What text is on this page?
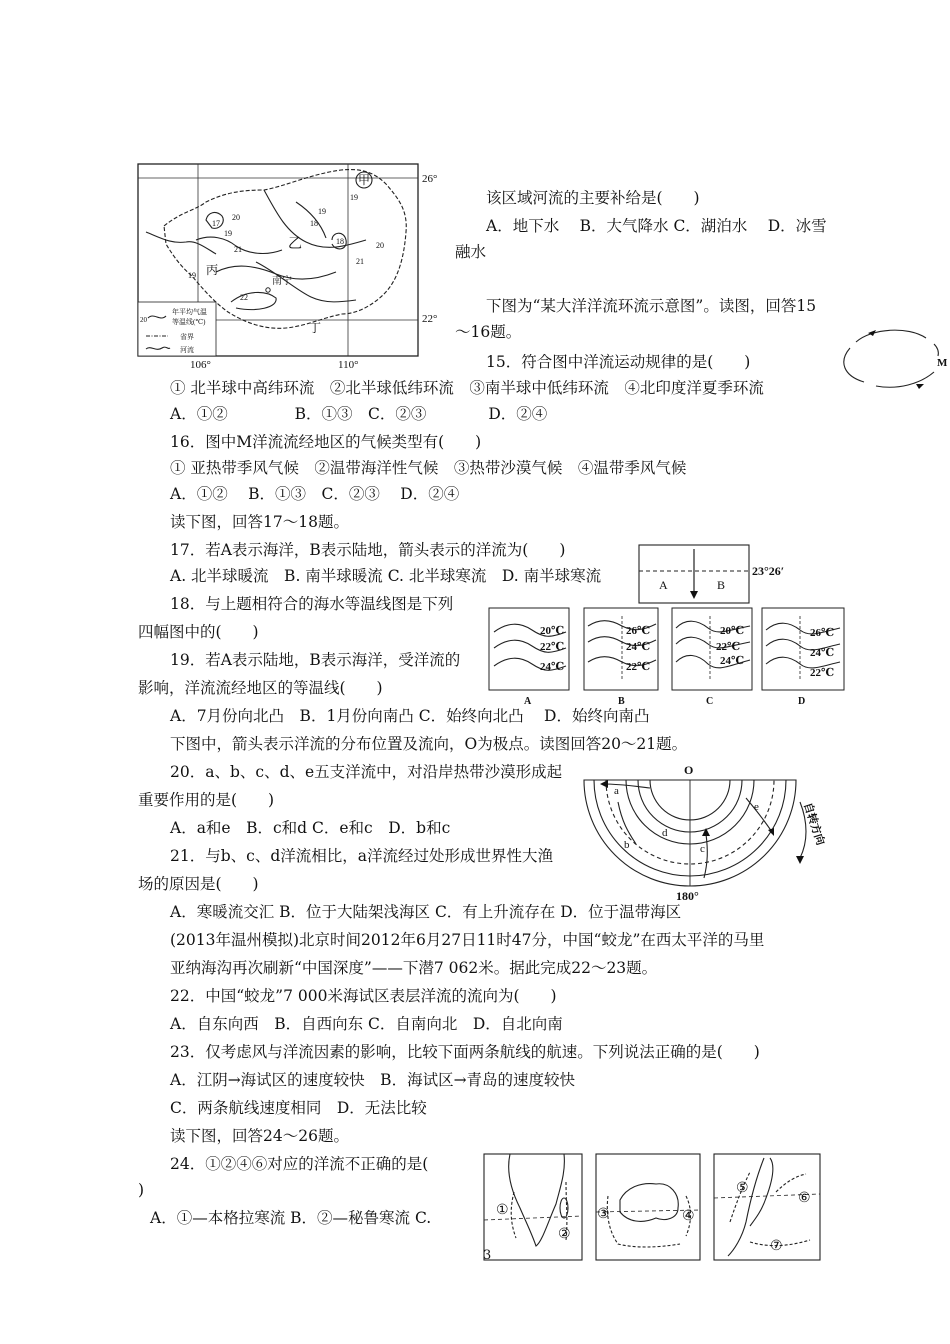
甲
乙
丙
丁
南宁
20
17
19
21
19
18	20
21
19
22
19
18
26°
22°
106°	110°
20
年平均气温
等温线(℃)
省界
河流
M
A	B
23°26′
20℃
22℃
24℃
A
26℃
24℃
22℃
B
20℃
22℃
24℃
C
26℃
24℃
22℃
D
O
a
b	c
d
e
180°
自转方向
①
②
③	④
⑤
⑥
⑦
该区域河流的主要补给是(　　)
A．地下水　 B．大气降水 C．湖泊水　 D．冰雪
融水
下图为“某大洋洋流环流示意图”。读图，回答15
～16题。
15．符合图中洋流运动规律的是(　　)
① 北半球中高纬环流　②北半球低纬环流　③南半球中低纬环流　④北印度洋夏季环流
A．①②　　　 　B．①③　C．②③　　　　D．②④
16．图中M洋流流经地区的气候类型有(　　)
① 亚热带季风气候　②温带海洋性气候　③热带沙漠气候　④温带季风气候
A．①②　 B．①③　C．②③　 D．②④
读下图，回答17～18题。
17．若A表示海洋，B表示陆地，箭头表示的洋流为(　　)
A. 北半球暖流　B. 南半球暖流 C. 北半球寒流　D. 南半球寒流
18．与上题相符合的海水等温线图是下列
四幅图中的(　　)
19．若A表示陆地，B表示海洋，受洋流的
影响，洋流流经地区的等温线(　　)
A．7月份向北凸　B．1月份向南凸 C．始终向北凸　 D．始终向南凸
下图中，箭头表示洋流的分布位置及流向，O为极点。读图回答20～21题。
20．a、b、c、d、e五支洋流中，对沿岸热带沙漠形成起
重要作用的是(　　)
A．a和e　B．c和d C．e和c　D．b和c
21．与b、c、d洋流相比，a洋流经过处形成世界性大渔
场的原因是(　　)
A．寒暖流交汇 B．位于大陆架浅海区 C．有上升流存在 D．位于温带海区
(2013年温州模拟)北京时间2012年6月27日11时47分，中国“蛟龙”在西太平洋的马里
亚纳海沟再次刷新“中国深度”——下潜7 062米。据此完成22～23题。
22．中国“蛟龙”7 000米海试区表层洋流的流向为(　　)
A．自东向西　B．自西向东 C．自南向北　D．自北向南
23．仅考虑风与洋流因素的影响，比较下面两条航线的航速。下列说法正确的是(　　)
A．江阴→海试区的速度较快　B．海试区→青岛的速度较快
C．两条航线速度相同　D．无法比较
读下图，回答24～26题。
24．①②④⑥对应的洋流不正确的是(
)
A．①—本格拉寒流 B．②—秘鲁寒流 C.
3
